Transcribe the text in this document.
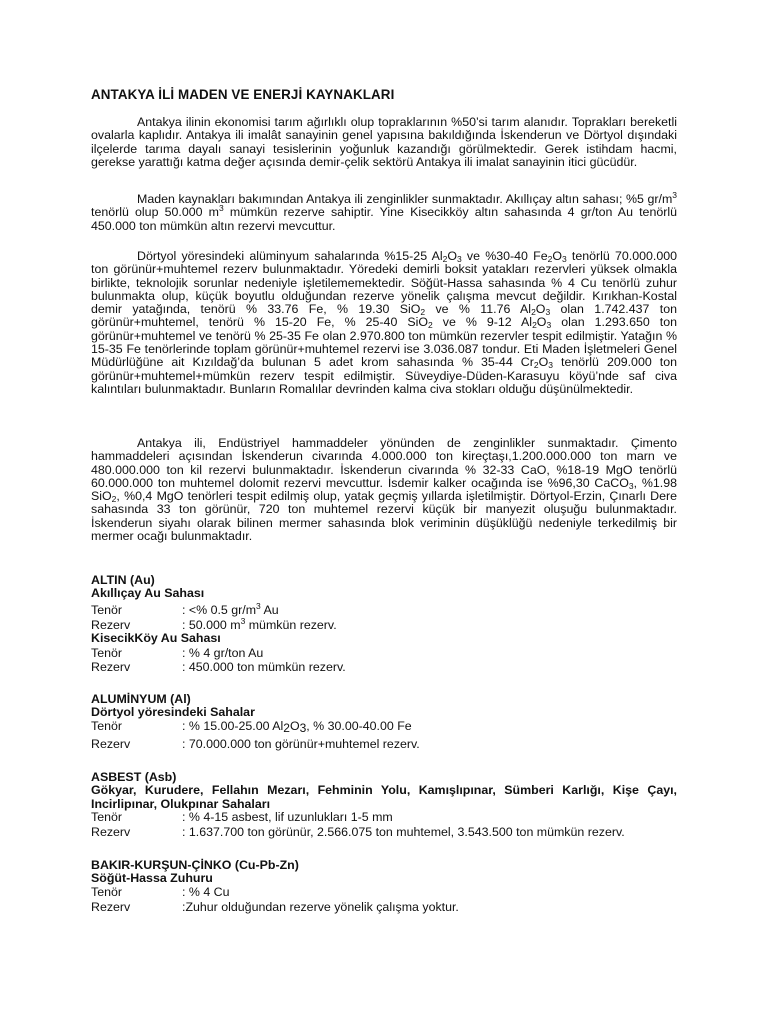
ANTAKYA İLİ MADEN VE ENERJİ KAYNAKLARI

Antakya ilinin ekonomisi tarım ağırlıklı olup topraklarının %50’si tarım alanıdır. Toprakları bereketli ovalarla kaplıdır. Antakya ili imalât sanayinin genel yapısına bakıldığında İskenderun ve Dörtyol dışındaki ilçelerde tarıma dayalı sanayi tesislerinin yoğunluk kazandığı görülmektedir. Gerek istihdam hacmi, gerekse yarattığı katma değer açısında demir-çelik sektörü Antakya ili imalat sanayinin itici gücüdür.

Maden kaynakları bakımından Antakya ili zenginlikler sunmaktadır. Akıllıçay altın sahası; %5 $gr/m^3$ tenörlü olup 50.000 $m^3$ mümkün rezerve sahiptir. Yine Kisecikköy altın sahasında 4 gr/ton Au tenörlü 450.000 ton mümkün altın rezervi mevcuttur.

Dörtyol yöresindeki alüminyum sahalarında %15-25 $Al_2O_3$ ve %30-40 $Fe_2O_3$ tenörlü 70.000.000 ton görünür+muhtemel rezerv bulunmaktadır. Yöredeki demirli boksit yatakları rezervleri yüksek olmakla birlikte, teknolojik sorunlar nedeniyle işletilememektedir. Söğüt-Hassa sahasında % 4 Cu tenörlü zuhur bulunmakta olup, küçük boyutlu olduğundan rezerve yönelik çalışma mevcut değildir. Kırıkhan-Kostal demir yatağında, tenörü % 33.76 Fe, % 19.30 SiO$_2$ ve % 11.76 $Al_2O_3$ olan 1.742.437 ton görünür+muhtemel, tenörü % 15-20 Fe, % 25-40 SiO$_2$ ve % 9-12 $Al_2O_3$ olan 1.293.650 ton görünür+muhtemel ve tenörü % 25-35 Fe olan 2.970.800 ton mümkün rezervler tespit edilmiştir. Yatağın % 15-35 Fe tenörlerinde toplam görünür+muhtemel rezervi ise 3.036.087 tondur. Eti Maden İşletmeleri Genel Müdürlüğüne ait Kızıldağ’da bulunan 5 adet krom sahasında % 35-44 $Cr_2O_3$ tenörlü 209.000 ton görünür+muhtemel+mümkün rezerv tespit edilmiştir. Süveydiye-Düden-Karasuyu köyü’nde saf civa kalıntıları bulunmaktadır. Bunların Romalılar devrinden kalma civa stokları olduğu düşünülmektedir.

Antakya ili, Endüstriyel hammaddeler yönünden de zenginlikler sunmaktadır. Çimento hammaddeleri açısından İskenderun civarında 4.000.000 ton kireçtaşı,1.200.000.000 ton marn ve 480.000.000 ton kil rezervi bulunmaktadır. İskenderun civarında % 32-33 CaO, %18-19 MgO tenörlü 60.000.000 ton muhtemel dolomit rezervi mevcuttur. İsdemir kalker ocağında ise %96,30 CaCO$_3$, %1.98 SiO$_2$, %0,4 MgO tenörleri tespit edilmiş olup, yatak geçmiş yıllarda işletilmiştir. Dörtyol-Erzin, Çınarlı Dere sahasında 33 ton görünür, 720 ton muhtemel rezervi küçük bir manyezit oluşuğu bulunmaktadır. İskenderun siyahı olarak bilinen mermer sahasında blok veriminin düşüklüğü nedeniyle terkedilmiş bir mermer ocağı bulunmaktadır.

ALTIN (Au)
Akıllıçay Au Sahası
Tenör	: <% 0.5 $gr/m^3$ Au
Rezerv	: 50.000 $m^3$ mümkün rezerv.
KisecikKöy Au Sahası
Tenör	: % 4 gr/ton Au
Rezerv	: 450.000 ton mümkün rezerv.
ALUMİNYUM (Al)
Dörtyol yöresindeki Sahalar
Tenör	: % 15.00-25.00 $Al_2O_3$, % 30.00-40.00 Fe
Rezerv	: 70.000.000 ton görünür+muhtemel rezerv.
ASBEST (Asb)

Gökyar, Kurudere, Fellahın Mezarı, Fehminin Yolu, Kamışlıpınar, Sümberi Karlığı, Kişe Çayı, Incirlipınar, Olukpınar Sahaları

Tenör	: % 4-15 asbest, lif uzunlukları 1-5 mm
Rezerv	: 1.637.700 ton görünür, 2.566.075 ton muhtemel, 3.543.500 ton mümkün rezerv.
BAKIR-KURŞUN-ÇİNKO (Cu-Pb-Zn)
Söğüt-Hassa Zuhuru
Tenör	: % 4 Cu
Rezerv	:Zuhur olduğundan rezerve yönelik çalışma yoktur.
